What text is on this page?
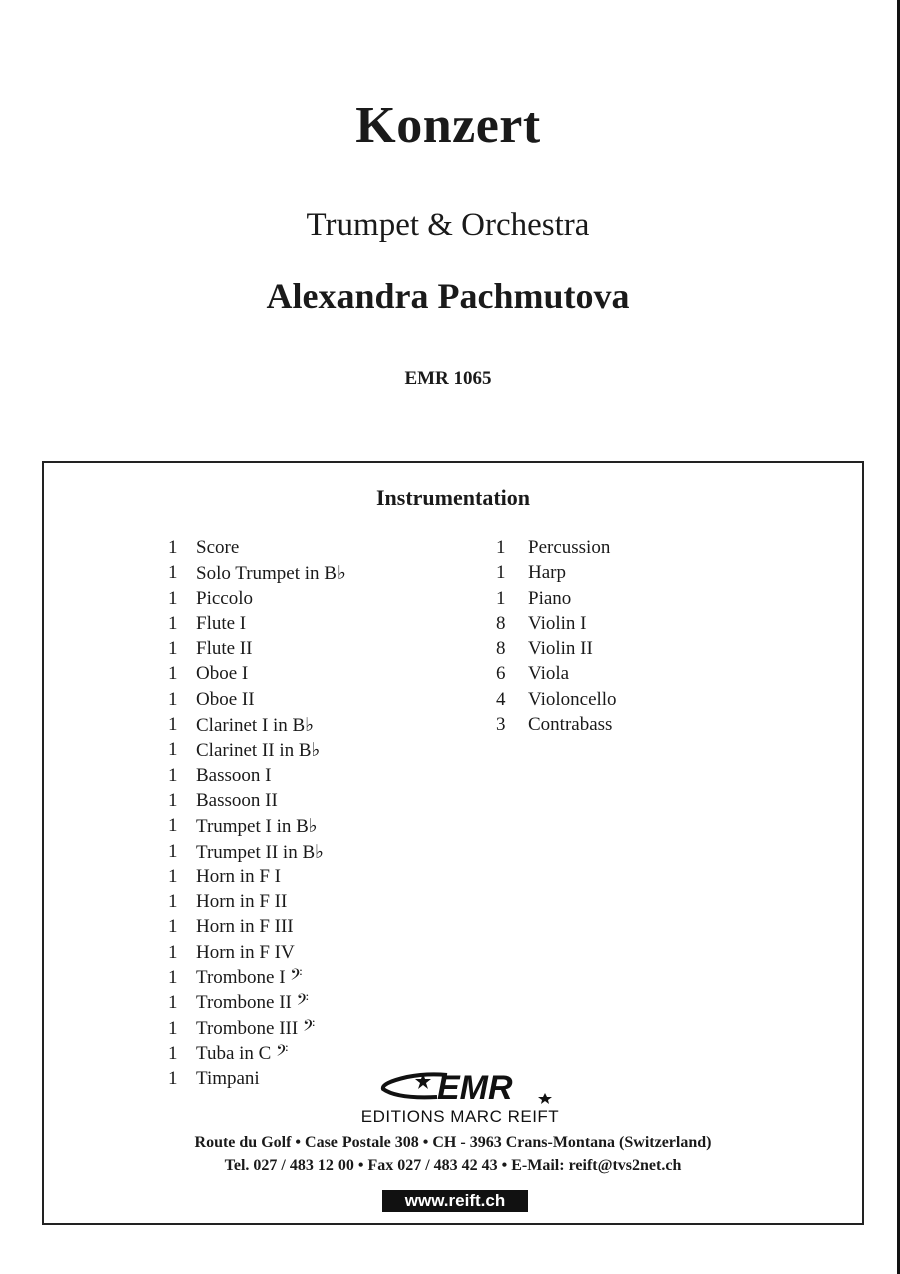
Konzert
Trumpet & Orchestra
Alexandra Pachmutova
EMR 1065
Instrumentation
1 Score
1 Solo Trumpet in B♭
1 Piccolo
1 Flute I
1 Flute II
1 Oboe I
1 Oboe II
1 Clarinet I in B♭
1 Clarinet II in B♭
1 Bassoon I
1 Bassoon II
1 Trumpet I in B♭
1 Trumpet II in B♭
1 Horn in F I
1 Horn in F II
1 Horn in F III
1 Horn in F IV
1 Trombone I 𝄢
1 Trombone II 𝄢
1 Trombone III 𝄢
1 Tuba in C 𝄢
1 Timpani
1 Percussion
1 Harp
1 Piano
8 Violin I
8 Violin II
6 Viola
4 Violoncello
3 Contrabass
EMR
EDITIONS MARC REIFT
Route du Golf • Case Postale 308 • CH - 3963 Crans-Montana (Switzerland)
Tel. 027 / 483 12 00 • Fax 027 / 483 42 43 • E-Mail: reift@tvs2net.ch
www.reift.ch
